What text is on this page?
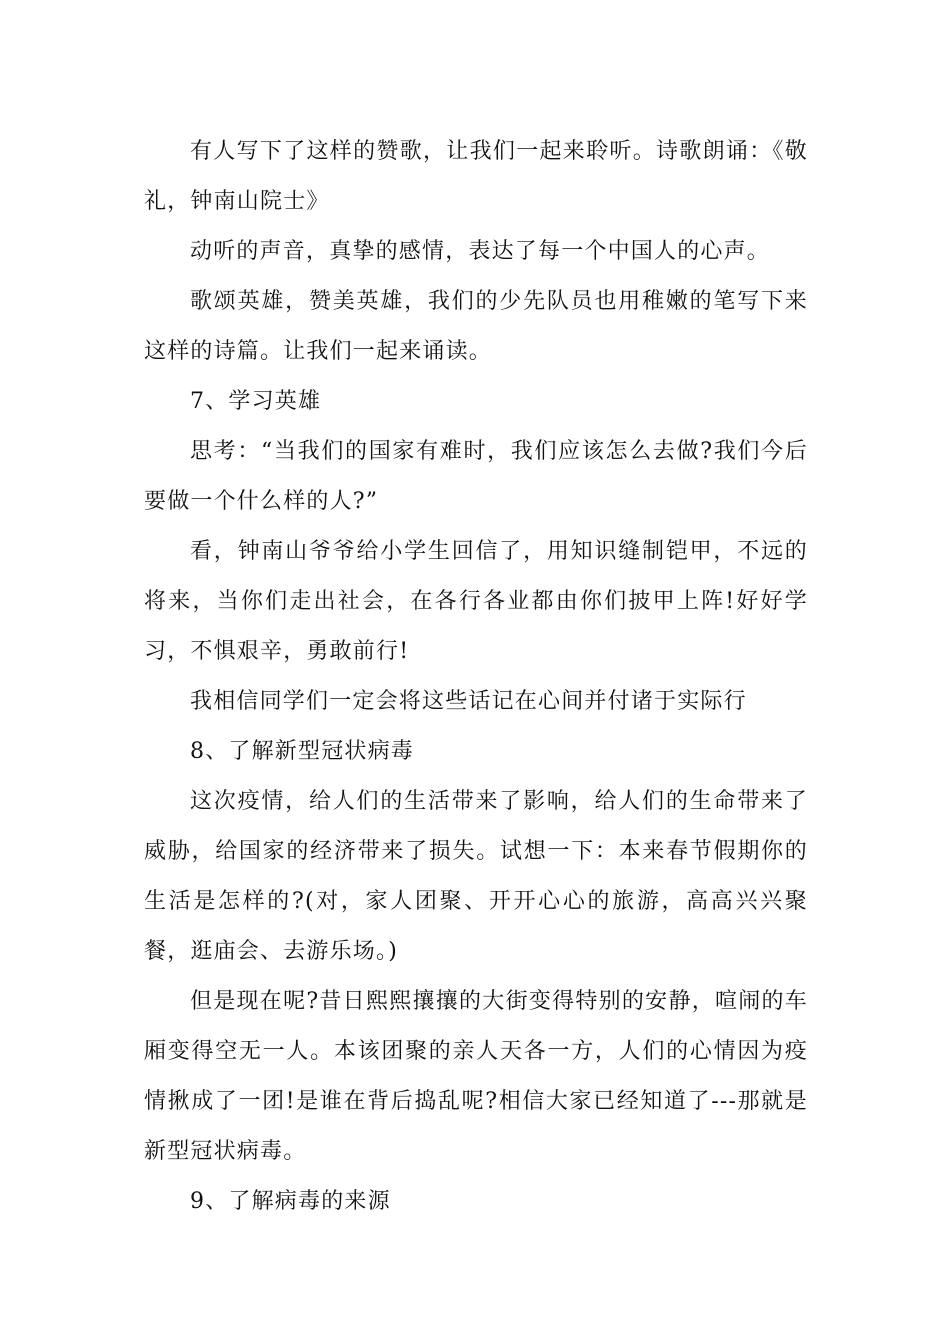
有人写下了这样的赞歌，让我们一起来聆听。诗歌朗诵：《敬礼，钟南山院士》

动听的声音，真挚的感情，表达了每一个中国人的心声。

歌颂英雄，赞美英雄，我们的少先队员也用稚嫩的笔写下来这样的诗篇。让我们一起来诵读。

7、学习英雄

思考：“当我们的国家有难时，我们应该怎么去做?我们今后要做一个什么样的人?”

看，钟南山爷爷给小学生回信了，用知识缝制铠甲，不远的将来，当你们走出社会，在各行各业都由你们披甲上阵!好好学习，不惧艰辛，勇敢前行!

我相信同学们一定会将这些话记在心间并付诸于实际行

8、了解新型冠状病毒

这次疫情，给人们的生活带来了影响，给人们的生命带来了威胁，给国家的经济带来了损失。试想一下：本来春节假期你的生活是怎样的?(对，家人团聚、开开心心的旅游，高高兴兴聚餐，逛庙会、去游乐场。)

但是现在呢?昔日熙熙攘攘的大街变得特别的安静，喧闹的车厢变得空无一人。本该团聚的亲人天各一方，人们的心情因为疫情揪成了一团!是谁在背后捣乱呢?相信大家已经知道了---那就是新型冠状病毒。

9、了解病毒的来源
